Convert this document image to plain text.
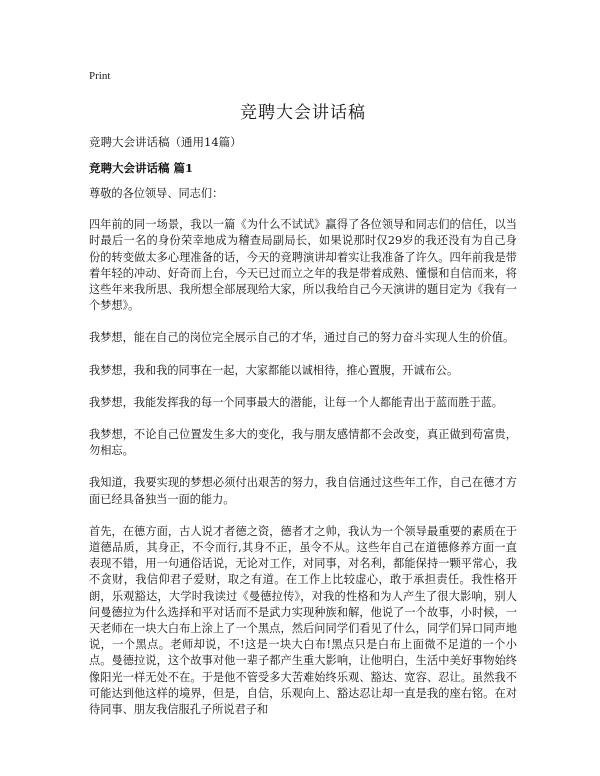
Print
竞聘大会讲话稿
竞聘大会讲话稿（通用14篇）
竞聘大会讲话稿 篇1

尊敬的各位领导、同志们：

四年前的同一场景，我以一篇《为什么不试试》赢得了各位领导和同志们的信任，以当时最后一名的身份荣幸地成为稽查局副局长，如果说那时仅29岁的我还没有为自己身份的转变做太多心理准备的话，今天的竞聘演讲却着实让我准备了许久。四年前我是带着年轻的冲动、好奇而上台，今天已过而立之年的我是带着成熟、懂憬和自信而来，将这些年来我所思、我所想全部展现给大家，所以我给自己今天演讲的题目定为《我有一个梦想》。

我梦想，能在自己的岗位完全展示自己的才华，通过自己的努力奋斗实现人生的价值。

我梦想，我和我的同事在一起，大家都能以诚相待，推心置腹，开诚布公。

我梦想，我能发挥我的每一个同事最大的潜能，让每一个人都能青出于蓝而胜于蓝。

我梦想，不论自己位置发生多大的变化，我与朋友感情都不会改变，真正做到苟富贵，勿相忘。

我知道，我要实现的梦想必须付出艰苦的努力，我自信通过这些年工作，自己在德才方面已经具备独当一面的能力。

首先，在德方面，古人说才者德之资，德者才之帅，我认为一个领导最重要的素质在于道德品质，其身正，不令而行,其身不正，虽令不从。这些年自己在道德修养方面一直表现不错，用一句通俗话说，无论对工作，对同事，对名利，都能保持一颗平常心，我不贪财，我信仰君子爱财，取之有道。在工作上比较虚心，敢于承担责任。我性格开朗，乐观豁达，大学时我读过《曼德拉传》，对我的性格和为人产生了很大影响，别人问曼德拉为什么选择和平对话而不是武力实现种族和解，他说了一个故事，小时候，一天老师在一块大白布上涂上了一个黑点，然后问同学们看见了什么，同学们异口同声地说，一个黑点。老师却说，不!这是一块大白布!黑点只是白布上面微不足道的一个小点。曼德拉说，这个故事对他一辈子都产生重大影响，让他明白，生活中美好事物始终像阳光一样无处不在。于是他不管受多大苦难始终乐观、豁达、宽容、忍让。虽然我不可能达到他这样的境界，但是，自信，乐观向上、豁达忍让却一直是我的座右铭。在对待同事、朋友我信服孔子所说君子和
